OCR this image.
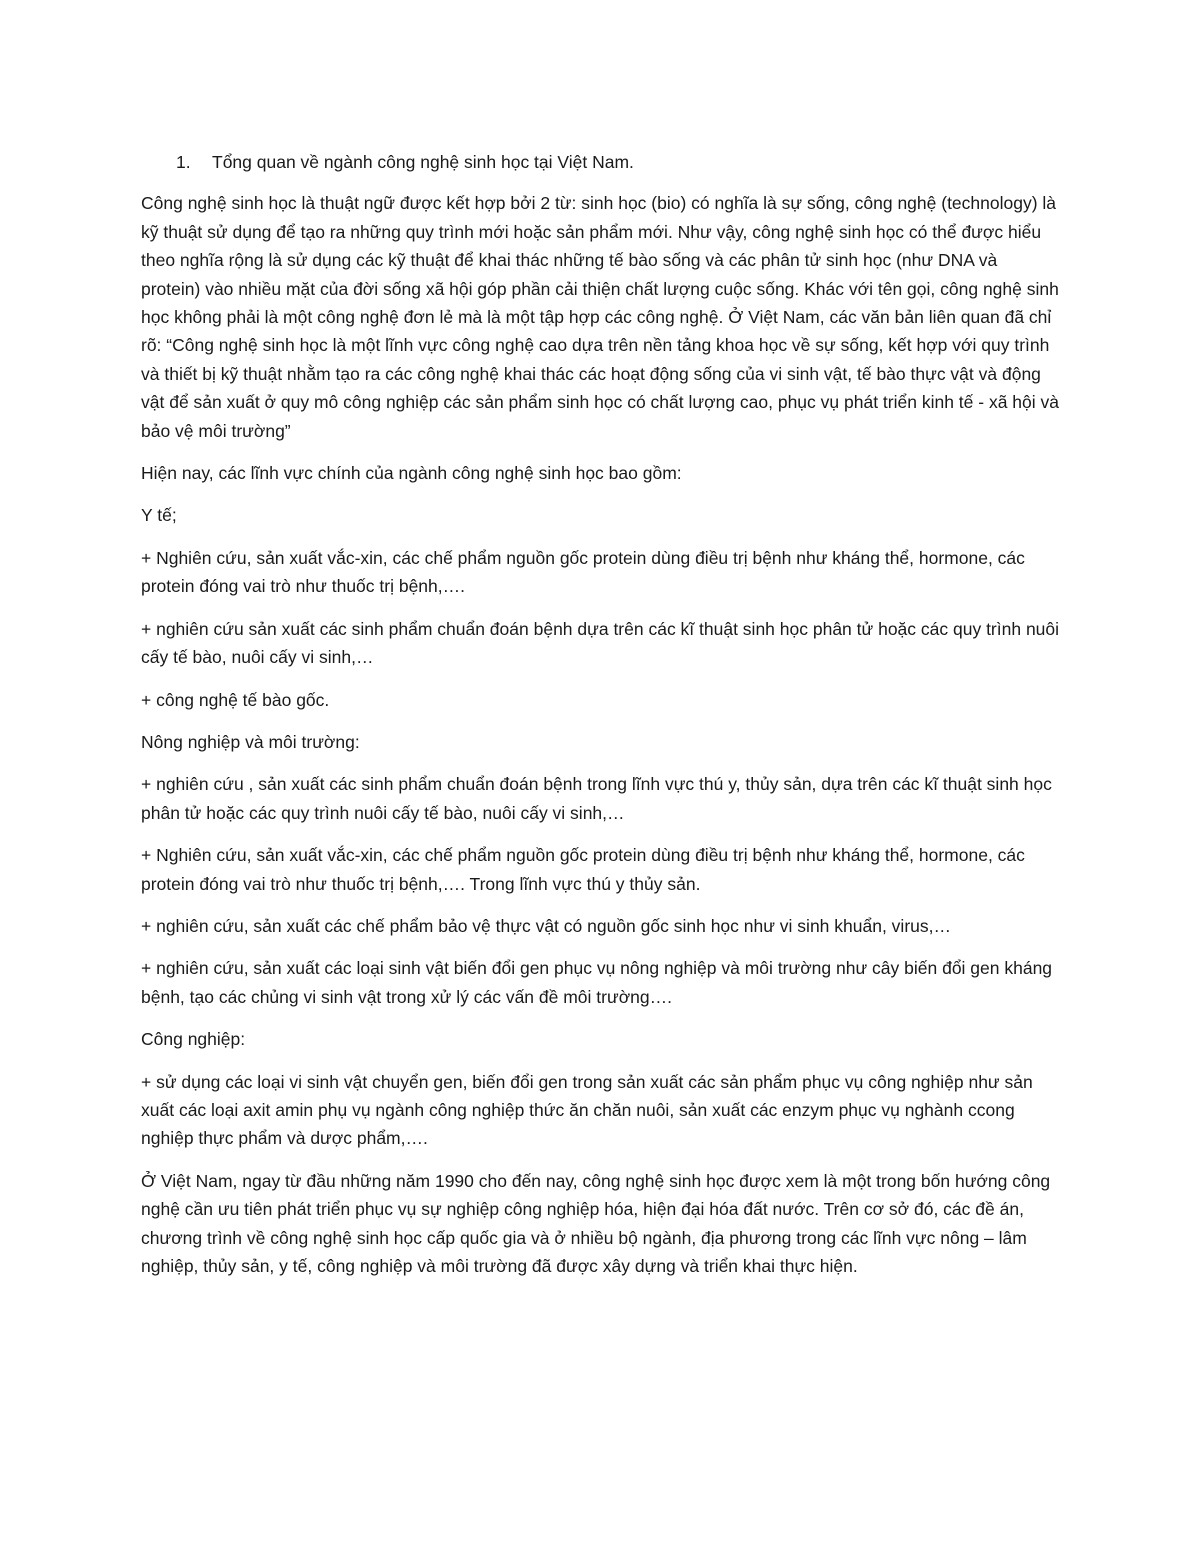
1.	Tổng quan về ngành công nghệ sinh học tại Việt Nam.

Công nghệ sinh học là thuật ngữ được kết hợp bởi 2 từ: sinh học (bio) có nghĩa là sự sống, công nghệ (technology) là kỹ thuật sử dụng để tạo ra những quy trình mới hoặc sản phẩm mới. Như vậy, công nghệ sinh học có thể được hiểu theo nghĩa rộng là sử dụng các kỹ thuật để khai thác những tế bào sống và các phân tử sinh học (như DNA và protein) vào nhiều mặt của đời sống xã hội góp phần cải thiện chất lượng cuộc sống. Khác với tên gọi, công nghệ sinh học không phải là một công nghệ đơn lẻ mà là một tập hợp các công nghệ. Ở Việt Nam, các văn bản liên quan đã chỉ rõ: “Công nghệ sinh học là một lĩnh vực công nghệ cao dựa trên nền tảng khoa học về sự sống, kết hợp với quy trình và thiết bị kỹ thuật nhằm tạo ra các công nghệ khai thác các hoạt động sống của vi sinh vật, tế bào thực vật và động vật để sản xuất ở quy mô công nghiệp các sản phẩm sinh học có chất lượng cao, phục vụ phát triển kinh tế - xã hội và bảo vệ môi trường”

Hiện nay, các lĩnh vực chính của ngành công nghệ sinh học bao gồm:

Y tế;

+ Nghiên cứu, sản xuất vắc-xin, các chế phẩm nguồn gốc protein dùng điều trị bệnh như kháng thể, hormone, các protein đóng vai trò như thuốc trị bệnh,….

+ nghiên cứu sản xuất các sinh phẩm chuẩn đoán bệnh dựa trên các kĩ thuật sinh học phân tử hoặc các quy trình nuôi cấy tế bào, nuôi cấy vi sinh,…

+ công nghệ tế bào gốc.

Nông nghiệp và môi trường:

+ nghiên cứu , sản xuất các sinh phẩm chuẩn đoán bệnh trong lĩnh vực thú y, thủy sản, dựa trên các kĩ thuật sinh học phân tử hoặc các quy trình nuôi cấy tế bào, nuôi cấy vi sinh,…

+ Nghiên cứu, sản xuất vắc-xin, các chế phẩm nguồn gốc protein dùng điều trị bệnh như kháng thể, hormone, các protein đóng vai trò như thuốc trị bệnh,…. Trong lĩnh vực thú y thủy sản.

+ nghiên cứu, sản xuất các chế phẩm bảo vệ thực vật có nguồn gốc sinh học như vi sinh khuẩn, virus,…

+ nghiên cứu, sản xuất các loại sinh vật biến đổi gen phục vụ nông nghiệp và môi trường như cây biến đổi gen kháng bệnh, tạo các chủng vi sinh vật trong xử lý các vấn đề môi trường….

Công nghiệp:

+ sử dụng các loại vi sinh vật chuyển gen, biến đổi gen trong sản xuất các sản phẩm phục vụ công nghiệp như sản xuất các loại axit amin phụ vụ ngành công nghiệp thức ăn chăn nuôi, sản xuất các enzym phục vụ nghành ccong nghiệp thực phẩm và dược phẩm,….

Ở Việt Nam, ngay từ đầu những năm 1990 cho đến nay, công nghệ sinh học được xem là một trong bốn hướng công nghệ cần ưu tiên phát triển phục vụ sự nghiệp công nghiệp hóa, hiện đại hóa đất nước. Trên cơ sở đó, các đề án, chương trình về công nghệ sinh học cấp quốc gia và ở nhiều bộ ngành, địa phương trong các lĩnh vực nông – lâm nghiệp, thủy sản, y tế, công nghiệp và môi trường đã được xây dựng và triển khai thực hiện.
